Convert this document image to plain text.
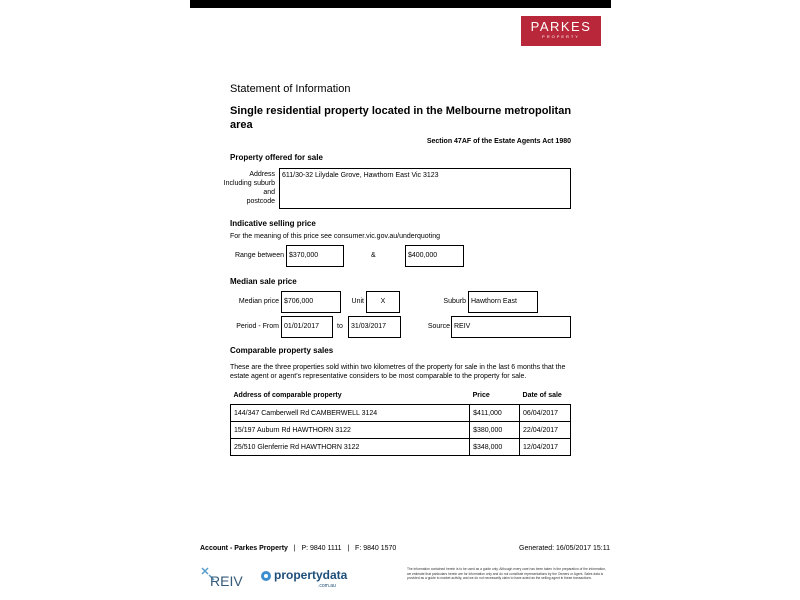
PARKES
PROPERTY
Statement of Information
Single residential property located in the Melbourne metropolitan area
Section 47AF of the Estate Agents Act 1980
Property offered for sale
Address
Including suburb and
postcode
611/30-32 Lilydale Grove, Hawthorn East Vic 3123
Indicative selling price
For the meaning of this price see consumer.vic.gov.au/underquoting
Range between $370,000	&	$400,000
Median sale price
Median price $706,000	Unit	X	Suburb Hawthorn East
Period - From 01/01/2017	to	31/03/2017	Source REIV
Comparable property sales
These are the three properties sold within two kilometres of the property for sale in the last 6 months that the estate agent or agent’s representative considers to be most comparable to the property for sale.
Address of comparable property	Price	Date of sale
144/347 Camberwell Rd CAMBERWELL 3124	$411,000	06/04/2017
15/197 Auburn Rd HAWTHORN 3122	$380,000	22/04/2017
25/510 Glenferrie Rd HAWTHORN 3122	$348,000	12/04/2017
Account - Parkes Property   |   P: 9840 1111   |   F: 9840 1570	Generated: 16/05/2017 15:11
REIV	propertydata
.com.au
The information contained herein is to be used as a guide only. Although every care has been taken in the preparation of the information, we estimate that particulars herein are for information only and do not constitute representations by the Owners or Agent. Sales data is provided as a guide to market activity, and we do not necessarily claim to have acted as the selling agent in these transactions.
